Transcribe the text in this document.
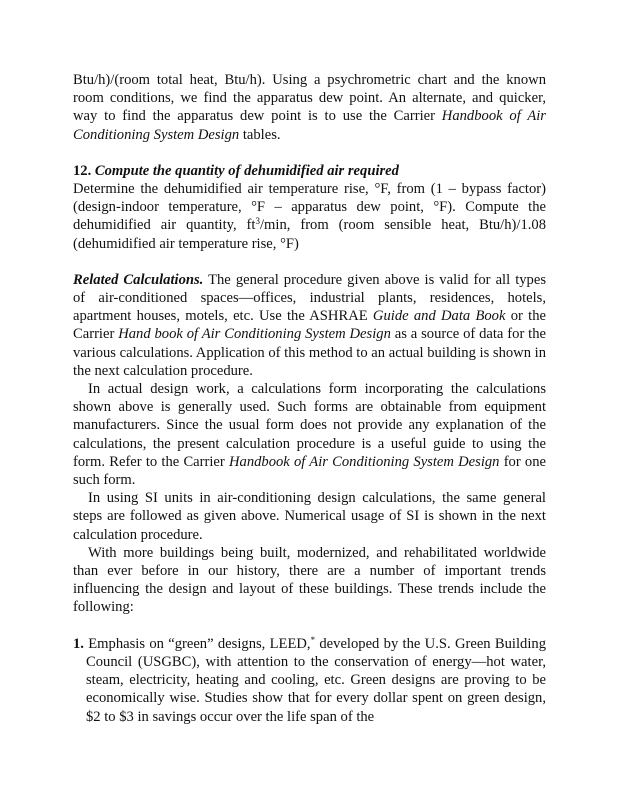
Btu/h)/(room total heat, Btu/h). Using a psychrometric chart and the known room conditions, we find the apparatus dew point. An alternate, and quicker, way to find the apparatus dew point is to use the Carrier Handbook of Air Conditioning System Design tables.

12. Compute the quantity of dehumidified air required

Determine the dehumidified air temperature rise, °F, from (1 – bypass factor) (design-indoor temperature, °F – apparatus dew point, °F). Compute the dehumidified air quantity, $ft^3/\min$, from (room sensible heat, Btu/h)/1.08 (dehumidified air temperature rise, °F)

Related Calculations. The general procedure given above is valid for all types of air-conditioned spaces—offices, industrial plants, residences, hotels, apartment houses, motels, etc. Use the ASHRAE Guide and Data Book or the Carrier Hand book of Air Conditioning System Design as a source of data for the various calculations. Application of this method to an actual building is shown in the next calculation procedure.

In actual design work, a calculations form incorporating the calculations shown above is generally used. Such forms are obtainable from equipment manufacturers. Since the usual form does not provide any explanation of the calculations, the present calculation procedure is a useful guide to using the form. Refer to the Carrier Handbook of Air Conditioning System Design for one such form.

In using SI units in air-conditioning design calculations, the same general steps are followed as given above. Numerical usage of SI is shown in the next calculation procedure.

With more buildings being built, modernized, and rehabilitated worldwide than ever before in our history, there are a number of important trends influencing the design and layout of these buildings. These trends include the following:

1. Emphasis on “green” designs, LEED,* developed by the U.S. Green Building Council (USGBC), with attention to the conservation of energy—hot water, steam, electricity, heating and cooling, etc. Green designs are proving to be economically wise. Studies show that for every dollar spent on green design, $2 to $3 in savings occur over the life span of the
